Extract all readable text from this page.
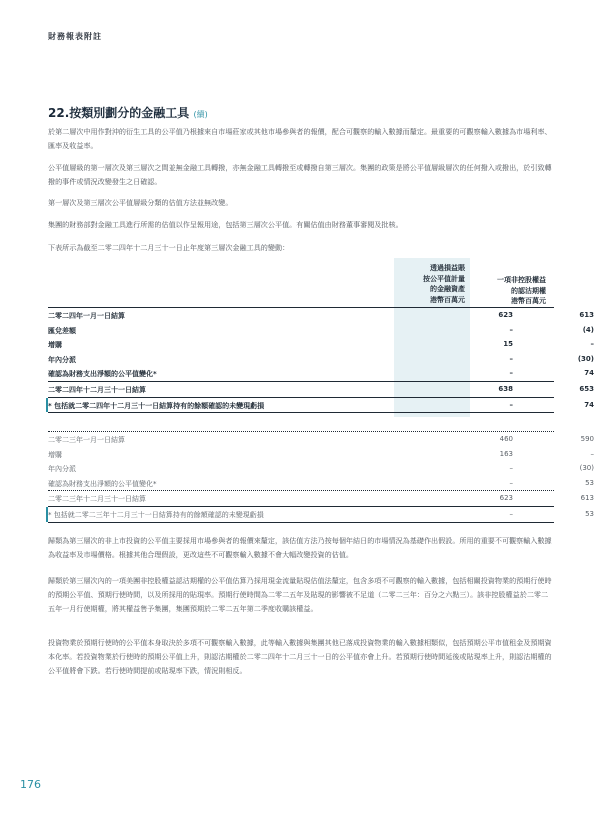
財務報表附註
22.按類別劃分的金融工具 (續)
於第二層次中用作對沖的衍生工具的公平值乃根據來自市場莊家或其他市場參與者的報價，配合可觀察的輸入數據而釐定。最重要的可觀察輸入數據為市場利率、匯率及收益率。
公平值層級的第一層次及第三層次之間並無金融工具轉撥，亦無金融工具轉撥至或轉撥自第三層次。集團的政策是將公平值層級層次的任何撥入或撥出，於引致轉撥的事件或情況改變發生之日確認。
第一層次及第三層次公平值層級分類的估值方法並無改變。
集團的財務部對金融工具進行所需的估值以作呈報用途，包括第三層次公平值。有關估值由財務董事審閱及批核。
下表所示為截至二零二四年十二月三十一日止年度第三層次金融工具的變動：
透過損益賬
按公平值計量
的金融資產
港幣百萬元
一項非控股權益
的認沽期權
港幣百萬元
二零二四年一月一日結算	623	613
匯兌差額	–	(4)
增購	15	–
年內分派	–	(30)
確認為財務支出淨額的公平值變化*	–	74
二零二四年十二月三十一日結算	638	653
* 包括就二零二四年十二月三十一日結算持有的餘額確認的未變現虧損	–	74
二零二三年一月一日結算	460	590
增購	163	–
年內分派	–	(30)
確認為財務支出淨額的公平值變化*	–	53
二零二三年十二月三十一日結算	623	613
* 包括就二零二三年十二月三十一日結算持有的餘額確認的未變現虧損	–	53
歸類為第三層次的非上市投資的公平值主要採用市場參與者的報價來釐定，該估值方法乃按每個年結日的市場情況為基礎作出假設。所用的重要不可觀察輸入數據為收益率及市場價格。根據其他合理假設，更改這些不可觀察輸入數據不會大幅改變投資的估值。
歸類於第三層次內的一項美團非控股權益認沽期權的公平值估算乃採用現金流量貼現估值法釐定，包含多項不可觀察的輸入數據，包括相關投資物業的預期行使時的預期公平值、預期行使時間，以及所採用的貼現率。預期行使時間為二零二五年及貼現的影響被不足道（二零二三年：百分之六點三）。該非控股權益於二零二五年一月行使期權，將其權益售予集團，集團預期於二零二五年第二季度收購該權益。
投資物業於預期行使時的公平值本身取決於多項不可觀察輸入數據，此等輸入數據與集團其他已落成投資物業的輸入數據相類似，包括預期公平市值租金及預期資本化率。若投資物業於行使時的預期公平值上升，則認沽期權於二零二四年十二月三十一日的公平值亦會上升。若預期行使時間延後或貼現率上升，則認沽期權的公平值將會下跌。若行使時間提前或貼現率下跌，情況則相反。
176
